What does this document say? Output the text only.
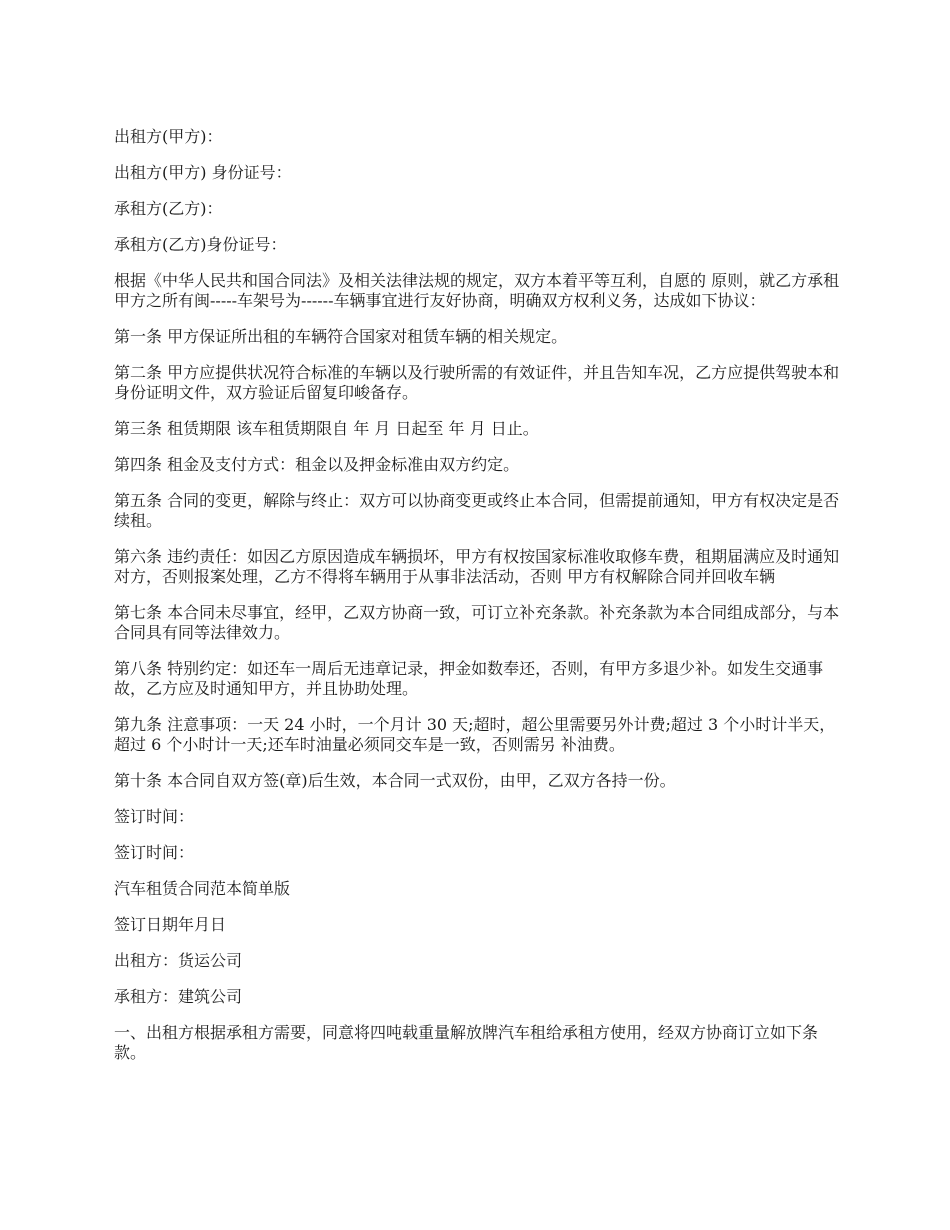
出租方(甲方)：

出租方(甲方) 身份证号：

承租方(乙方)：

承租方(乙方)身份证号：

根据《中华人民共和国合同法》及相关法律法规的规定，双方本着平等互利，自愿的 原则，就乙方承租甲方之所有闽-----车架号为------车辆事宜进行友好协商，明确双方权利义务，达成如下协议：

第一条 甲方保证所出租的车辆符合国家对租赁车辆的相关规定。

第二条 甲方应提供状况符合标准的车辆以及行驶所需的有效证件，并且告知车况，乙方应提供驾驶本和身份证明文件，双方验证后留复印峻备存。

第三条 租赁期限 该车租赁期限自 年 月 日起至 年 月 日止。

第四条 租金及支付方式：租金以及押金标准由双方约定。

第五条 合同的变更，解除与终止：双方可以协商变更或终止本合同，但需提前通知，甲方有权决定是否续租。

第六条 违约责任：如因乙方原因造成车辆损坏，甲方有权按国家标准收取修车费，租期届满应及时通知对方，否则报案处理，乙方不得将车辆用于从事非法活动，否则 甲方有权解除合同并回收车辆

第七条 本合同未尽事宜，经甲，乙双方协商一致，可订立补充条款。补充条款为本合同组成部分，与本合同具有同等法律效力。

第八条 特别约定：如还车一周后无违章记录，押金如数奉还，否则，有甲方多退少补。如发生交通事故，乙方应及时通知甲方，并且协助处理。

第九条 注意事项：一天 24 小时，一个月计 30 天;超时，超公里需要另外计费;超过 3 个小时计半天，超过 6 个小时计一天;还车时油量必须同交车是一致，否则需另 补油费。

第十条 本合同自双方签(章)后生效，本合同一式双份，由甲，乙双方各持一份。

签订时间：

签订时间：

汽车租赁合同范本简单版

签订日期年月日

出租方：货运公司

承租方：建筑公司

一、出租方根据承租方需要，同意将四吨载重量解放牌汽车租给承租方使用，经双方协商订立如下条款。
